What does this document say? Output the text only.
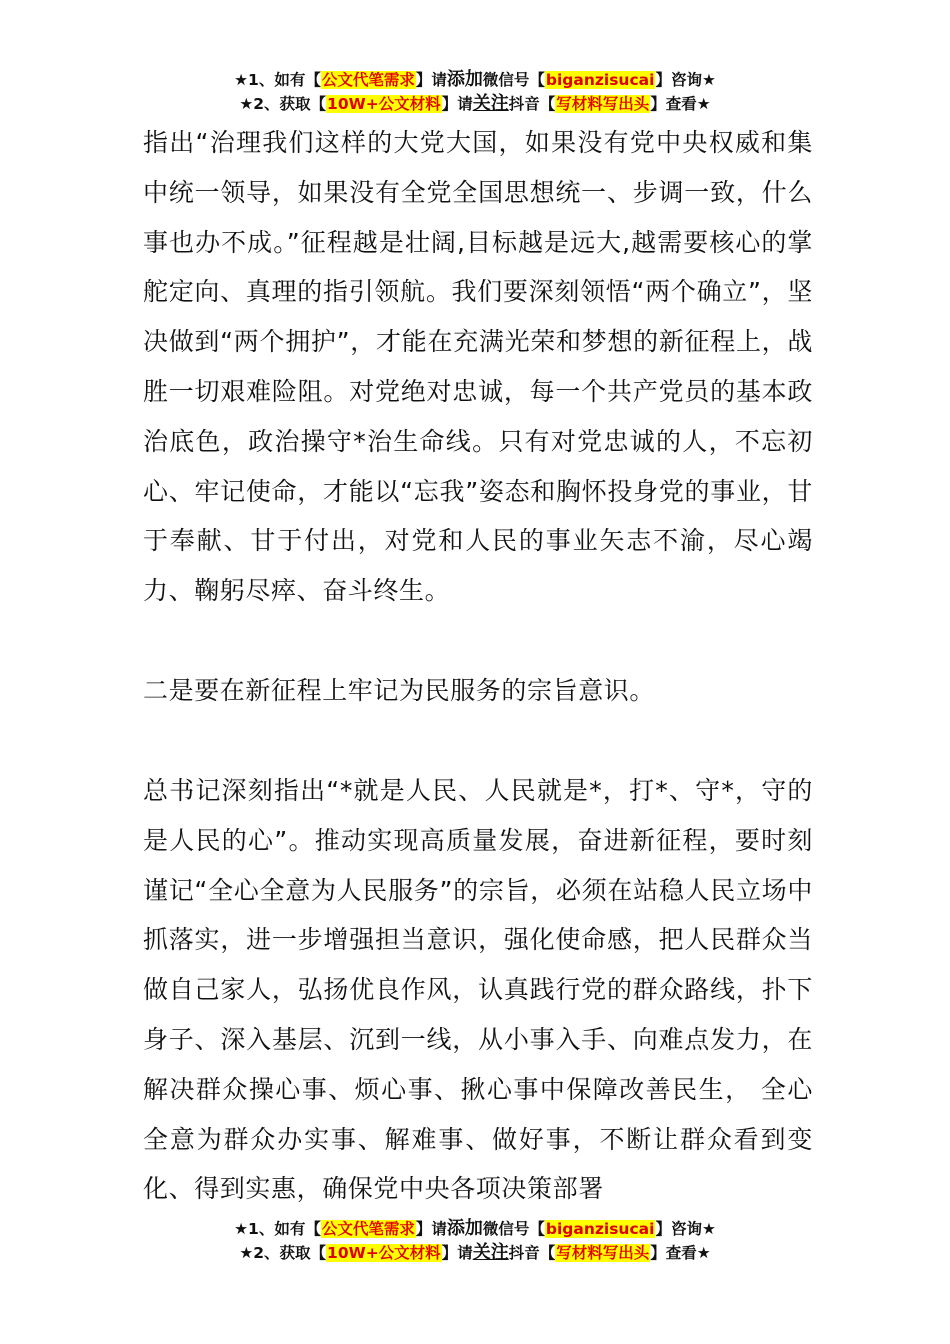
★1、如有【公文代笔需求】请添加微信号【biganzisucai】咨询★
★2、获取【10W+公文材料】请关注抖音【写材料写出头】查看★

指出“治理我们这样的大党大国，如果没有党中央权威和集中统一领导，如果没有全党全国思想统一、步调一致，什么事也办不成。”征程越是壮阔,目标越是远大,越需要核心的掌舵定向、真理的指引领航。我们要深刻领悟“两个确立”，坚决做到“两个拥护”，才能在充满光荣和梦想的新征程上，战胜一切艰难险阻。对党绝对忠诚，每一个共产党员的基本政治底色，政治操守*治生命线。只有对党忠诚的人，不忘初心、牢记使命，才能以“忘我”姿态和胸怀投身党的事业，甘于奉献、甘于付出，对党和人民的事业矢志不渝，尽心竭力、鞠躬尽瘁、奋斗终生。

二是要在新征程上牢记为民服务的宗旨意识。

总书记深刻指出“*就是人民、人民就是*，打*、守*，守的是人民的心”。推动实现高质量发展，奋进新征程，要时刻谨记“全心全意为人民服务”的宗旨，必须在站稳人民立场中抓落实，进一步增强担当意识，强化使命感，把人民群众当做自己家人，弘扬优良作风，认真践行党的群众路线，扑下身子、深入基层、沉到一线，从小事入手、向难点发力，在解决群众操心事、烦心事、揪心事中保障改善民生， 全心全意为群众办实事、解难事、做好事，不断让群众看到变化、得到实惠，确保党中央各项决策部署

★1、如有【公文代笔需求】请添加微信号【biganzisucai】咨询★
★2、获取【10W+公文材料】请关注抖音【写材料写出头】查看★
